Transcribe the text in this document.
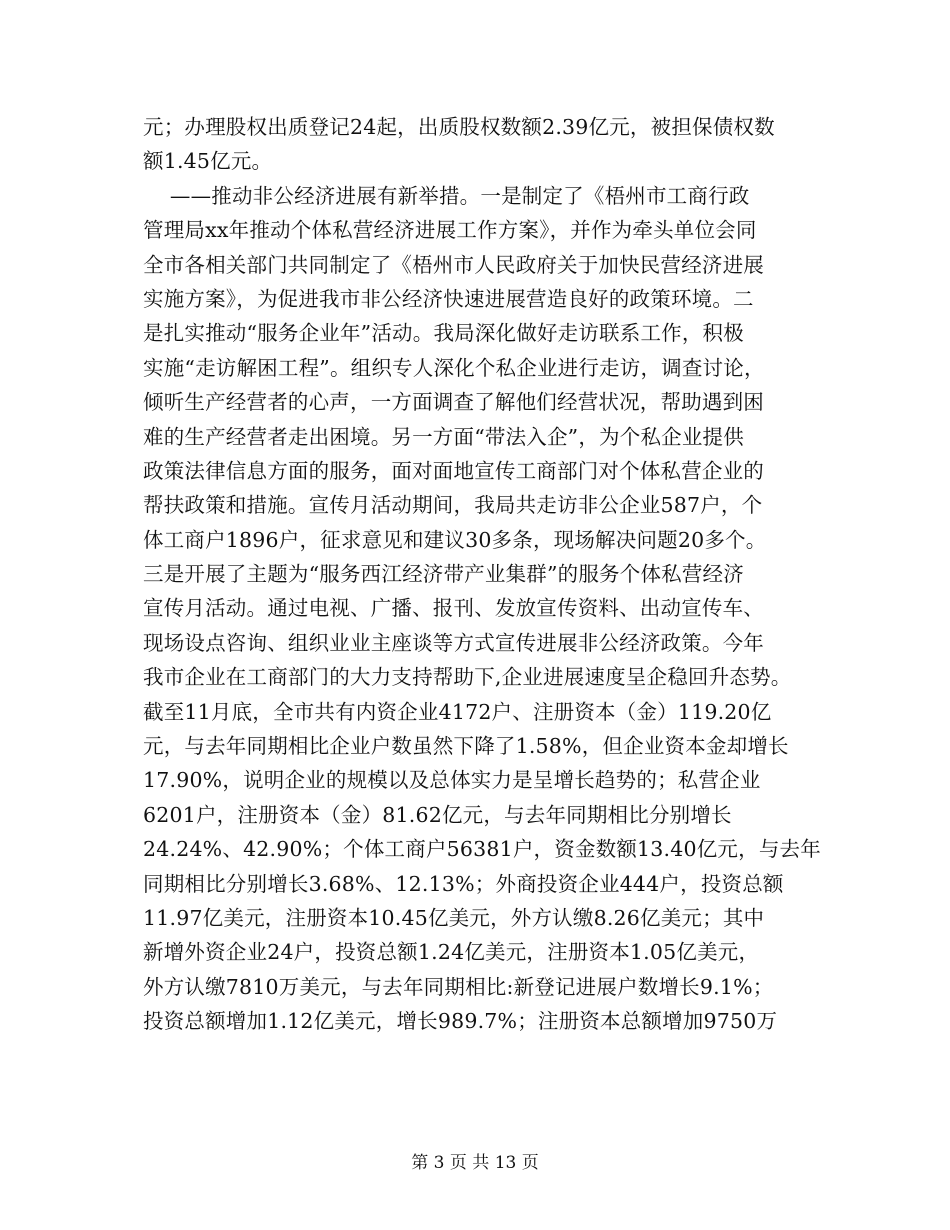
元；办理股权出质登记24起，出质股权数额2.39亿元，被担保债权数
额1.45亿元。
——推动非公经济进展有新举措。一是制定了《梧州市工商行政
管理局xx年推动个体私营经济进展工作方案》，并作为牵头单位会同
全市各相关部门共同制定了《梧州市人民政府关于加快民营经济进展
实施方案》，为促进我市非公经济快速进展营造良好的政策环境。二
是扎实推动“服务企业年”活动。我局深化做好走访联系工作，积极
实施“走访解困工程”。组织专人深化个私企业进行走访，调查讨论，
倾听生产经营者的心声，一方面调查了解他们经营状况，帮助遇到困
难的生产经营者走出困境。另一方面“带法入企”，为个私企业提供
政策法律信息方面的服务，面对面地宣传工商部门对个体私营企业的
帮扶政策和措施。宣传月活动期间，我局共走访非公企业587户，个
体工商户1896户，征求意见和建议30多条，现场解决问题20多个。
三是开展了主题为“服务西江经济带产业集群”的服务个体私营经济
宣传月活动。通过电视、广播、报刊、发放宣传资料、出动宣传车、
现场设点咨询、组织业业主座谈等方式宣传进展非公经济政策。今年
我市企业在工商部门的大力支持帮助下,企业进展速度呈企稳回升态势。
截至11月底，全市共有内资企业4172户、注册资本（金）119.20亿
元，与去年同期相比企业户数虽然下降了1.58%，但企业资本金却增长
17.90%，说明企业的规模以及总体实力是呈增长趋势的；私营企业
6201户，注册资本（金）81.62亿元，与去年同期相比分别增长
24.24%、42.90%；个体工商户56381户，资金数额13.40亿元，与去年
同期相比分别增长3.68%、12.13%；外商投资企业444户，投资总额
11.97亿美元，注册资本10.45亿美元，外方认缴8.26亿美元；其中
新增外资企业24户，投资总额1.24亿美元，注册资本1.05亿美元，
外方认缴7810万美元，与去年同期相比:新登记进展户数增长9.1%；
投资总额增加1.12亿美元，增长989.7%；注册资本总额增加9750万
第 3 页 共 13 页
